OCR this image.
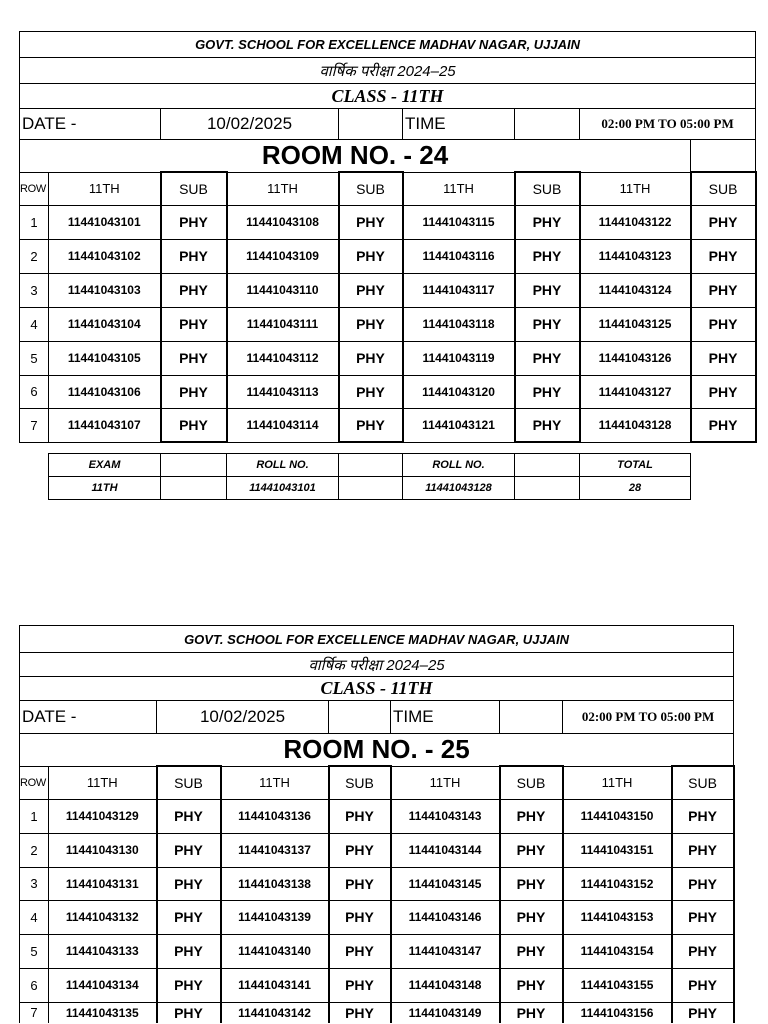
GOVT. SCHOOL FOR EXCELLENCE MADHAV NAGAR, UJJAIN								
वार्षिक परीक्षा 2024–25								
CLASS - 11TH								
DATE -		10/02/2025			TIME		02:00 PM TO 05:00 PM	
ROOM NO. - 24								
ROW	11TH	SUB	11TH	SUB	11TH	SUB	11TH	SUB
1	11441043101	PHY	11441043108	PHY	11441043115	PHY	11441043122	PHY
2	11441043102	PHY	11441043109	PHY	11441043116	PHY	11441043123	PHY
3	11441043103	PHY	11441043110	PHY	11441043117	PHY	11441043124	PHY
4	11441043104	PHY	11441043111	PHY	11441043118	PHY	11441043125	PHY
5	11441043105	PHY	11441043112	PHY	11441043119	PHY	11441043126	PHY
6	11441043106	PHY	11441043113	PHY	11441043120	PHY	11441043127	PHY
7	11441043107	PHY	11441043114	PHY	11441043121	PHY	11441043128	PHY
EXAM		ROLL NO.		ROLL NO.		TOTAL
11TH		11441043101		11441043128		28
GOVT. SCHOOL FOR EXCELLENCE MADHAV NAGAR, UJJAIN								
वार्षिक परीक्षा 2024–25								
CLASS - 11TH								
DATE -		10/02/2025			TIME		02:00 PM TO 05:00 PM	
ROOM NO. - 25								
ROW	11TH	SUB	11TH	SUB	11TH	SUB	11TH	SUB
1	11441043129	PHY	11441043136	PHY	11441043143	PHY	11441043150	PHY
2	11441043130	PHY	11441043137	PHY	11441043144	PHY	11441043151	PHY
3	11441043131	PHY	11441043138	PHY	11441043145	PHY	11441043152	PHY
4	11441043132	PHY	11441043139	PHY	11441043146	PHY	11441043153	PHY
5	11441043133	PHY	11441043140	PHY	11441043147	PHY	11441043154	PHY
6	11441043134	PHY	11441043141	PHY	11441043148	PHY	11441043155	PHY
7	11441043135	PHY	11441043142	PHY	11441043149	PHY	11441043156	PHY
